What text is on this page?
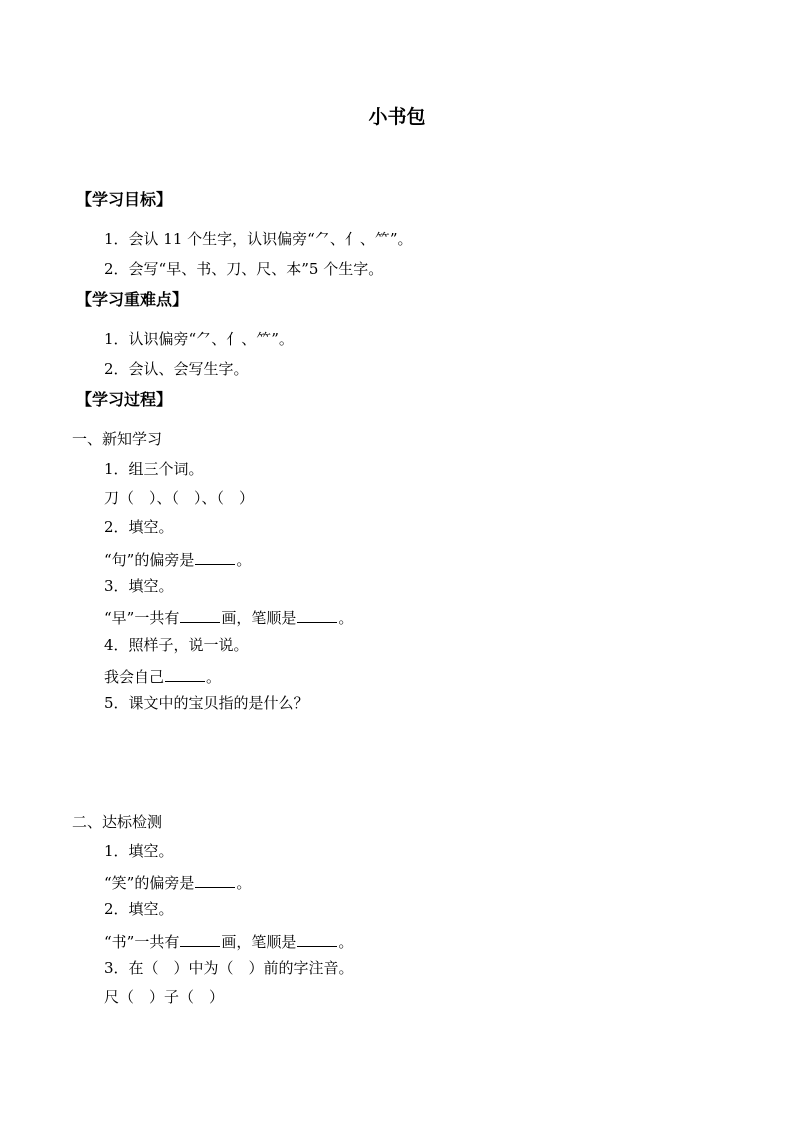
小书包
【学习目标】
1．会认 11 个生字，认识偏旁“⺈、亻、⺮”。
2．会写“早、书、刀、尺、本”5 个生字。
【学习重难点】
1．认识偏旁“⺈、亻、⺮”。
2．会认、会写生字。
【学习过程】
一、新知学习
1．组三个词。
刀（　）、（　）、（　）
2．填空。
“句”的偏旁是	。
3．填空。
“早”一共有	画，笔顺是	。
4．照样子，说一说。
我会自己	。
5．课文中的宝贝指的是什么？
二、达标检测
1．填空。
“笑”的偏旁是	。
2．填空。
“书”一共有	画，笔顺是	。
3．在（　）中为（　）前的字注音。
尺（　）子（　）
